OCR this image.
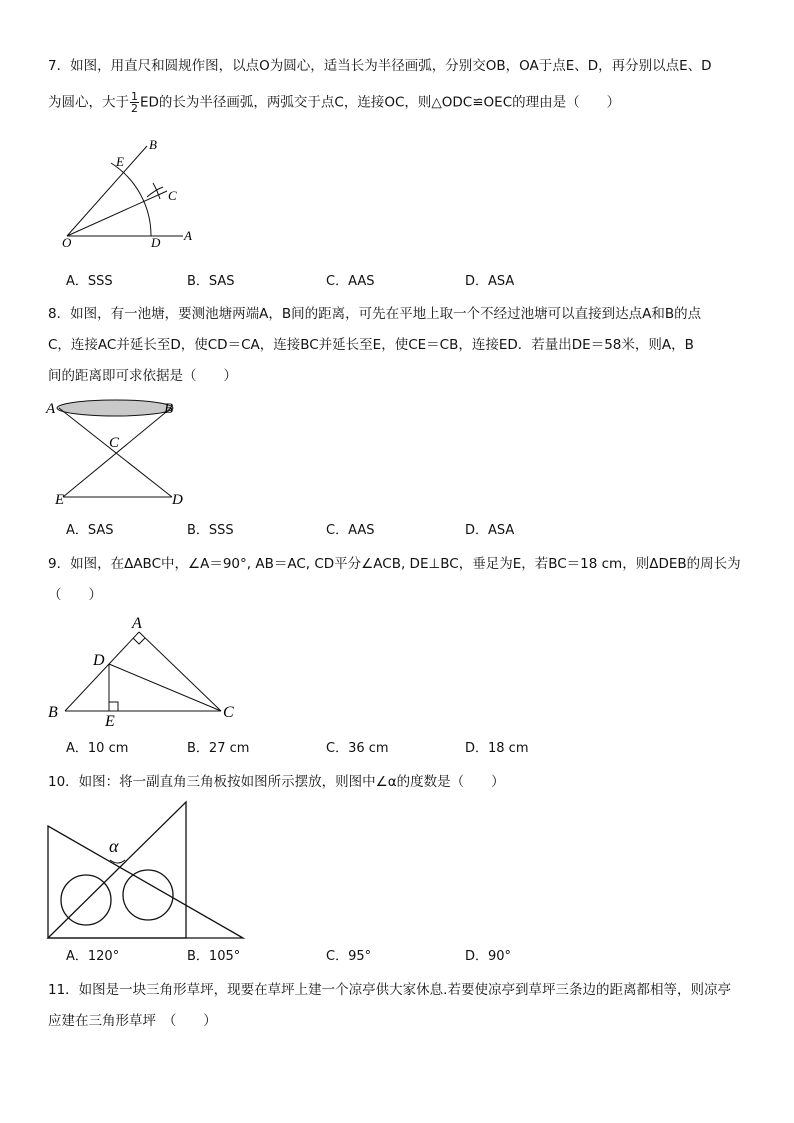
7．如图，用直尺和圆规作图，以点O为圆心，适当长为半径画弧，分别交OB，OA于点E、D，再分别以点E、D
为圆心，大于 $\frac{1}{2}$ ED的长为半径画弧，两弧交于点C，连接OC，则△ODC≌OEC的理由是（　　）
B
E
C
O	D A
A．SSS	B．SAS	C．AAS	D．ASA
8．如图，有一池塘，要测池塘两端A，B间的距离，可先在平地上取一个不经过池塘可以直接到达点A和B的点
C，连接AC并延长至D，使CD＝CA，连接BC并延长至E，使CE＝CB，连接ED．若量出DE＝58米，则A，B
间的距离即可求依据是（　　）
A	B
C
E	D
A．SAS	B．SSS	C．AAS	D．ASA
9．如图，在ΔABC中，∠A＝90°, AB＝AC, CD平分∠ACB, DE⊥BC，垂足为E，若BC＝18 cm，则ΔDEB的周长为
（　　）
A
D
B
E
C
A．10 cm	B．27 cm	C．36 cm	D．18 cm
10．如图：将一副直角三角板按如图所示摆放，则图中∠α的度数是（　　）
α
A．120°	B．105°	C．95°	D．90°
11．如图是一块三角形草坪，现要在草坪上建一个凉亭供大家休息.若要使凉亭到草坪三条边的距离都相等，则凉亭
应建在三角形草坪　（　　）
